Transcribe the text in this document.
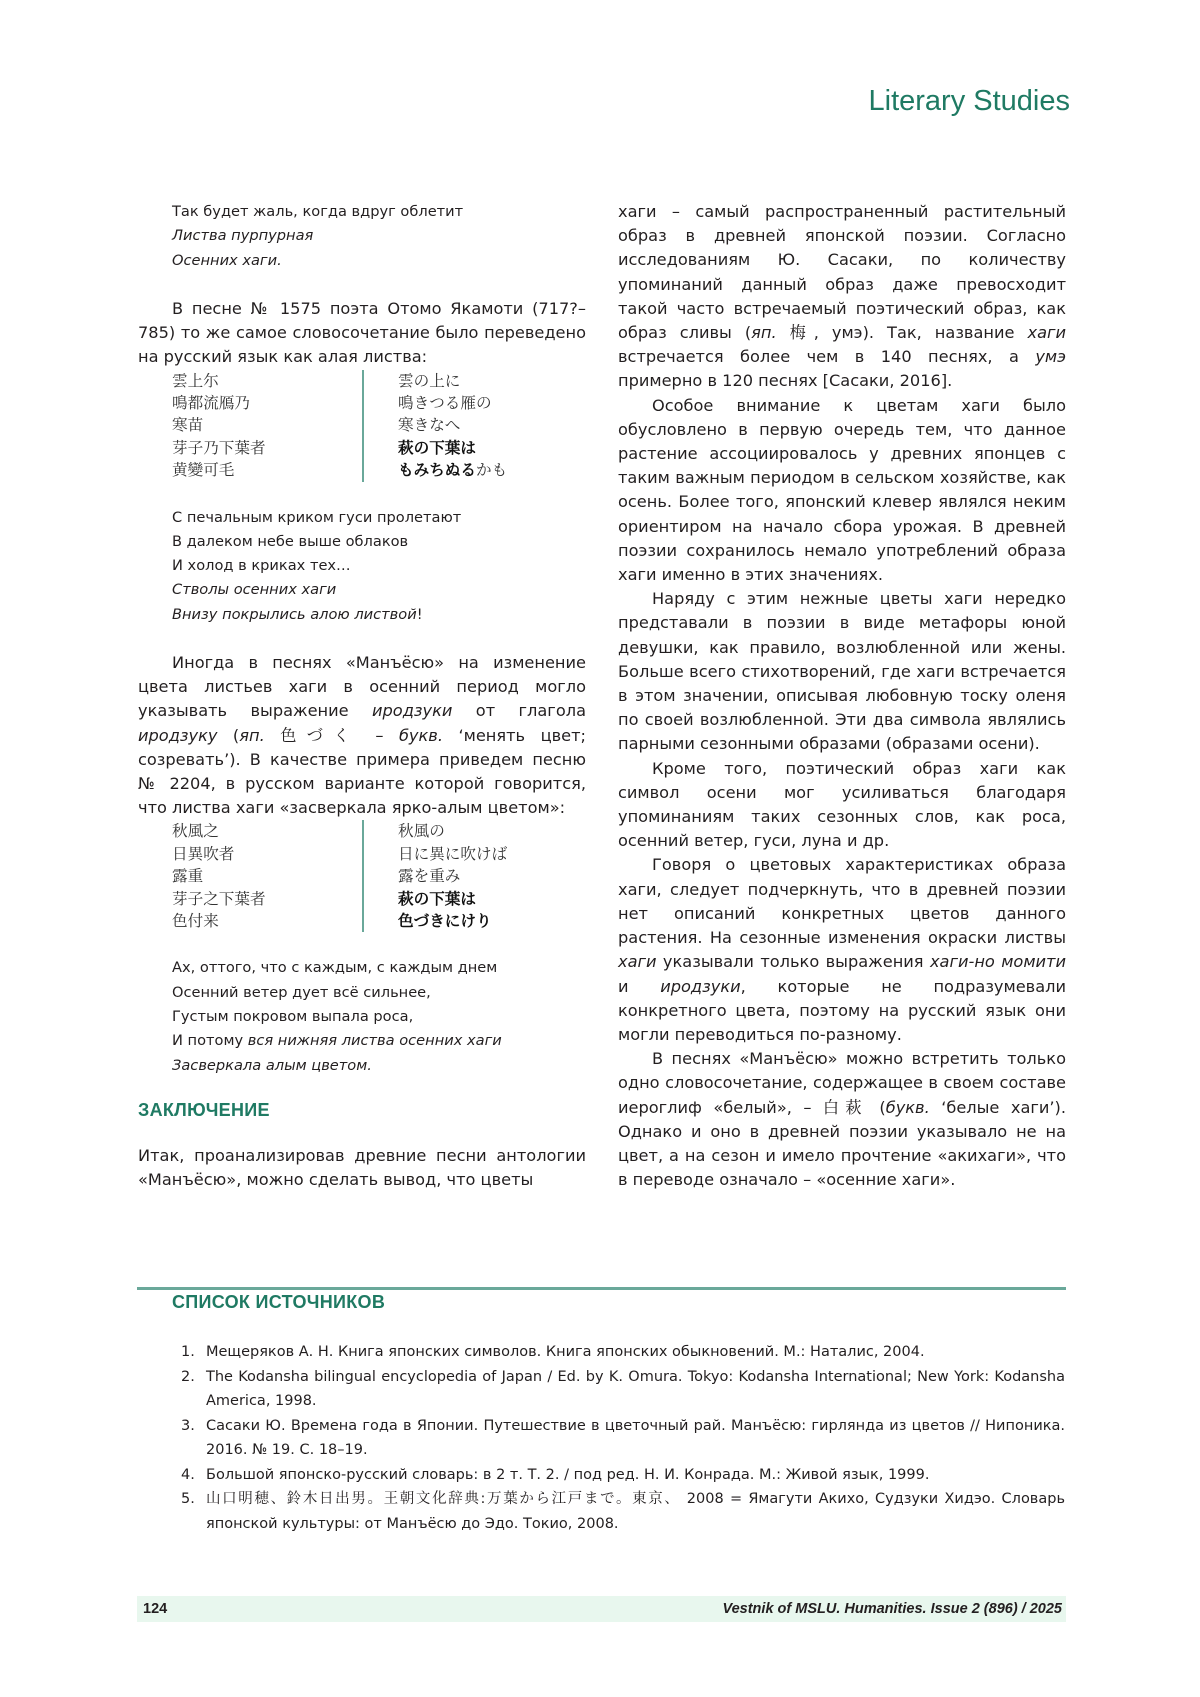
Literary Studies
Так будет жаль, когда вдруг облетит
Листва пурпурная
Осенних хаги.

В песне № 1575 поэта Отомо Якамоти (717?–785) то же самое словосочетание было переведено на русский язык как алая листва:

雲上尓
鳴都流鴈乃
寒苗
芽子乃下葉者
黄變可毛
雲の上に
鳴きつる雁の
寒きなへ
萩の下葉は
もみちぬるかも
С печальным криком гуси пролетают
В далеком небе выше облаков
И холод в криках тех…
Стволы осенних хаги
Внизу покрылись алою листвой!

Иногда в песнях «Манъёсю» на изменение цвета листьев хаги в осенний период могло указывать выражение иродзуки от глагола иродзуку (яп. 色づく – букв. ‘менять цвет; созревать’). В качестве примера приведем песню № 2204, в русском варианте которой говорится, что листва хаги «засверкала ярко-алым цветом»:

秋風之
日異吹者
露重
芽子之下葉者
色付来
秋風の
日に異に吹けば
露を重み
萩の下葉は
色づきにけり
Ах, оттого, что с каждым, с каждым днем
Осенний ветер дует всё сильнее,
Густым покровом выпала роса,
И потому вся нижняя листва осенних хаги
Засверкала алым цветом.
ЗАКЛЮЧЕНИЕ

Итак, проанализировав древние песни антологии «Манъёсю», можно сделать вывод, что цветы

хаги – самый распространенный растительный образ в древней японской поэзии. Согласно исследованиям Ю. Сасаки, по количеству упоминаний данный образ даже превосходит такой часто встречаемый поэтический образ, как образ сливы (яп. 梅, умэ). Так, название хаги встречается более чем в 140 песнях, а умэ примерно в 120 песнях [Сасаки, 2016].

Особое внимание к цветам хаги было обусловлено в первую очередь тем, что данное растение ассоциировалось у древних японцев с таким важным периодом в сельском хозяйстве, как осень. Более того, японский клевер являлся неким ориентиром на начало сбора урожая. В древней поэзии сохранилось немало употреблений образа хаги именно в этих значениях.

Наряду с этим нежные цветы хаги нередко представали в поэзии в виде метафоры юной девушки, как правило, возлюбленной или жены. Больше всего стихотворений, где хаги встречается в этом значении, описывая любовную тоску оленя по своей возлюбленной. Эти два символа являлись парными сезонными образами (образами осени).

Кроме того, поэтический образ хаги как символ осени мог усиливаться благодаря упоминаниям таких сезонных слов, как роса, осенний ветер, гуси, луна и др.

Говоря о цветовых характеристиках образа хаги, следует подчеркнуть, что в древней поэзии нет описаний конкретных цветов данного растения. На сезонные изменения окраски листвы хаги указывали только выражения хаги-но момити и иродзуки, которые не подразумевали конкретного цвета, поэтому на русский язык они могли переводиться по-разному.

В песнях «Манъёсю» можно встретить только одно словосочетание, содержащее в своем составе иероглиф «белый», – 白萩 (букв. ‘белые хаги’). Однако и оно в древней поэзии указывало не на цвет, а на сезон и имело прочтение «акихаги», что в переводе означало – «осенние хаги».

СПИСОК ИСТОЧНИКОВ
1. Мещеряков А. Н. Книга японских символов. Книга японских обыкновений. М.: Наталис, 2004.
2. The Kodansha bilingual encyclopedia of Japan / Ed. by K. Omura. Tokyo: Kodansha International; New York: Kodansha America, 1998.
3. Сасаки Ю. Времена года в Японии. Путешествие в цветочный рай. Манъёсю: гирлянда из цветов // Нипоника. 2016. № 19. С. 18–19.
4. Большой японско-русский словарь: в 2 т. Т. 2. / под ред. Н. И. Конрада. М.: Живой язык, 1999.
5. 山口明穂、鈴木日出男。王朝文化辞典:万葉から江戸まで。東京、 2008 = Ямагути Акихо, Судзуки Хидэо. Словарь японской культуры: от Манъёсю до Эдо. Токио, 2008.
124	Vestnik of MSLU. Humanities. Issue 2 (896) / 2025
